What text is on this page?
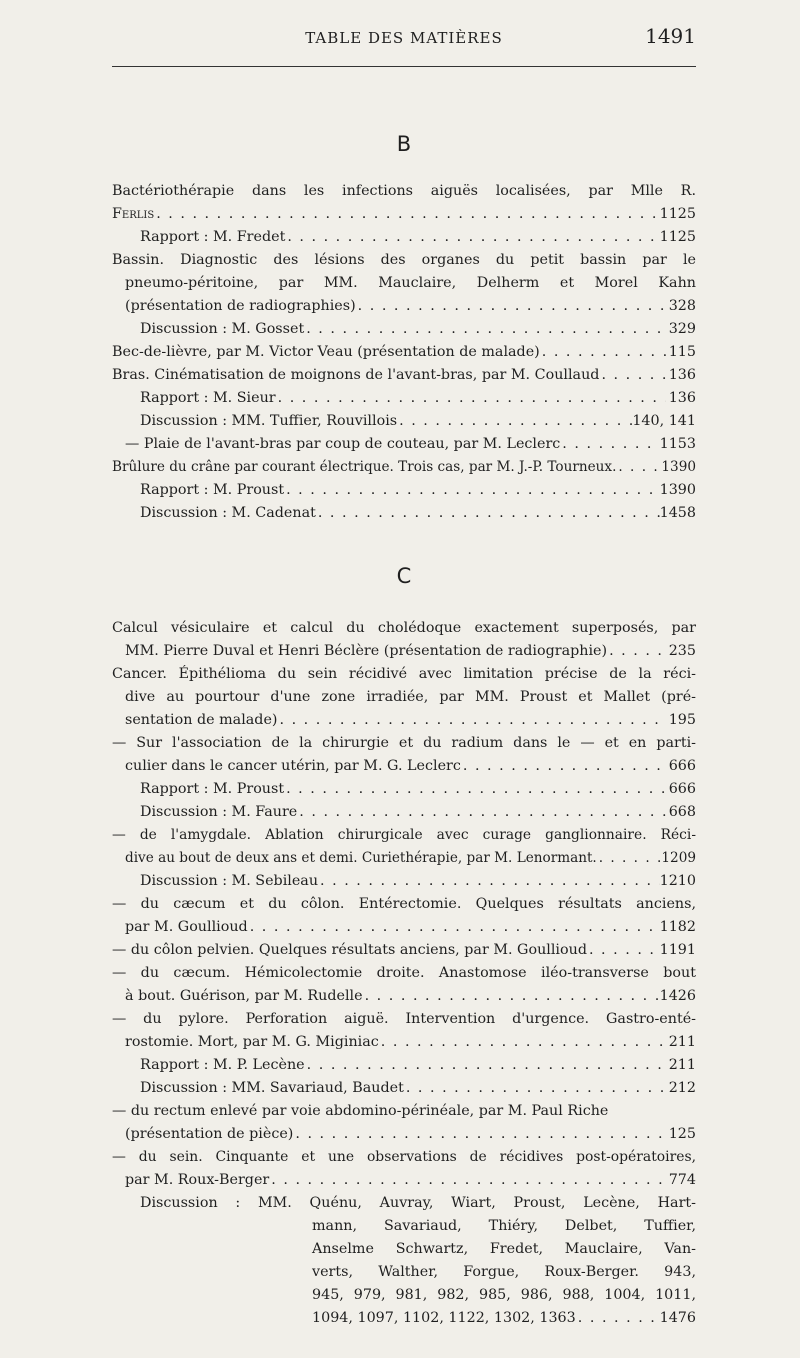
TABLE DES MATIÈRES	1491
B
Bactériothérapie dans les infections aiguës localisées, par Mlle R.
Ferlis . . .	1125
Rapport : M. Fredet . . .	1125
Bassin. Diagnostic des lésions des organes du petit bassin par le
pneumo-péritoine, par MM. Mauclaire, Delherm et Morel Kahn
(présentation de radiographies) . . .	328
Discussion : M. Gosset . . .	329
Bec-de-lièvre, par M. Victor Veau (présentation de malade) . . .	115
Bras. Cinématisation de moignons de l'avant-bras, par M. Coullaud . . .	136
Rapport : M. Sieur . . .	136
Discussion : MM. Tuffier, Rouvillois . . .	140, 141
— Plaie de l'avant-bras par coup de couteau, par M. Leclerc . . .	1153
Brûlure du crâne par courant électrique. Trois cas, par M. J.-P. Tourneux. . . .	1390
Rapport : M. Proust . . .	1390
Discussion : M. Cadenat . . .	1458
C
Calcul vésiculaire et calcul du cholédoque exactement superposés, par
MM. Pierre Duval et Henri Béclère (présentation de radiographie) . . .	235
Cancer. Épithélioma du sein récidivé avec limitation précise de la réci-
dive au pourtour d'une zone irradiée, par MM. Proust et Mallet (pré-
sentation de malade) . . .	195
— Sur l'association de la chirurgie et du radium dans le — et en parti-
culier dans le cancer utérin, par M. G. Leclerc . . .	666
Rapport : M. Proust . . .	666
Discussion : M. Faure . . .	668
— de l'amygdale. Ablation chirurgicale avec curage ganglionnaire. Réci-
dive au bout de deux ans et demi. Curiethérapie, par M. Lenormant. . . .	1209
Discussion : M. Sebileau . . .	1210
— du cæcum et du côlon. Entérectomie. Quelques résultats anciens,
par M. Goullioud . . .	1182
— du côlon pelvien. Quelques résultats anciens, par M. Goullioud . . .	1191
— du cæcum. Hémicolectomie droite. Anastomose iléo-transverse bout
à bout. Guérison, par M. Rudelle . . .	1426
— du pylore. Perforation aiguë. Intervention d'urgence. Gastro-enté-
rostomie. Mort, par M. G. Miginiac . . .	211
Rapport : M. P. Lecène . . .	211
Discussion : MM. Savariaud, Baudet . . .	212
— du rectum enlevé par voie abdomino-périnéale, par M. Paul Riche
(présentation de pièce) . . .	125
— du sein. Cinquante et une observations de récidives post-opératoires,
par M. Roux-Berger . . .	774
Discussion : MM. Quénu, Auvray, Wiart, Proust, Lecène, Hart-
mann, Savariaud, Thiéry, Delbet, Tuffier,
Anselme Schwartz, Fredet, Mauclaire, Van-
verts, Walther, Forgue, Roux-Berger. 943,
945, 979, 981, 982, 985, 986, 988, 1004, 1011,
1094, 1097, 1102, 1122, 1302, 1363 . . .	1476
